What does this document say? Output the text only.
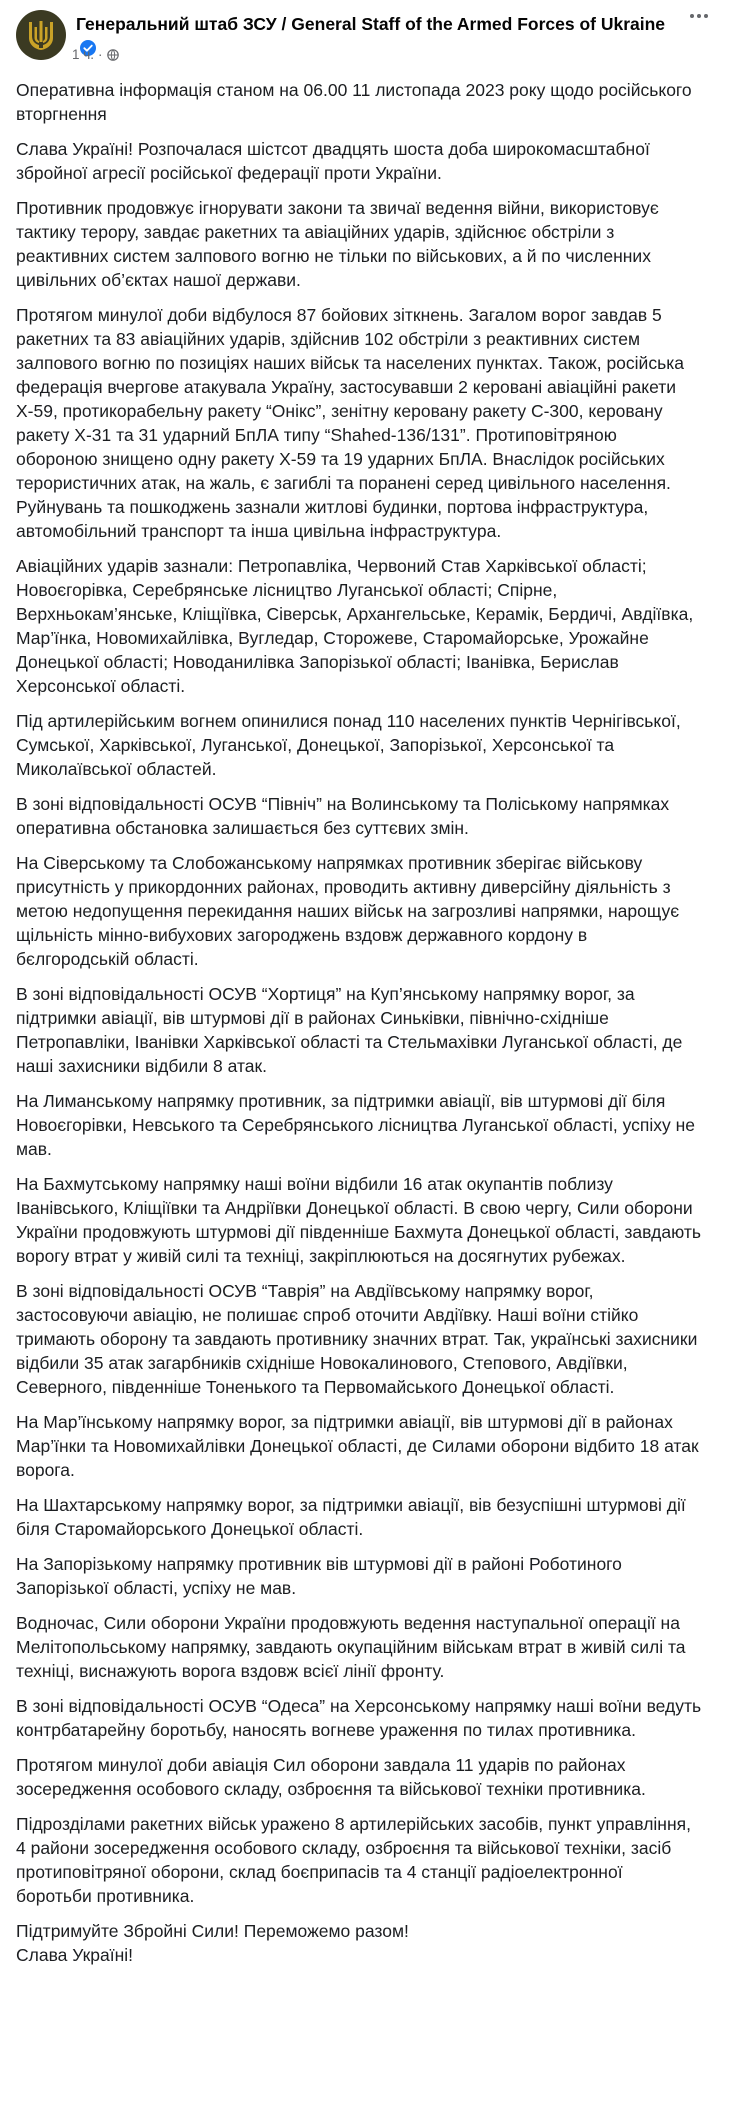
Генеральний штаб ЗСУ / General Staff of the Armed Forces of Ukraine
1 ч. ·

Оперативна інформація станом на 06.00 11 листопада 2023 року щодо російського вторгнення

Слава Україні! Розпочалася шістсот двадцять шоста доба широкомасштабної збройної агресії російської федерації проти України.

Противник продовжує ігнорувати закони та звичаї ведення війни, використовує тактику терору, завдає ракетних та авіаційних ударів, здійснює обстріли з реактивних систем залпового вогню не тільки по військових, а й по численних цивільних об’єктах нашої держави.

Протягом минулої доби відбулося 87 бойових зіткнень. Загалом ворог завдав 5 ракетних та 83 авіаційних ударів, здійснив 102 обстріли з реактивних систем залпового вогню по позиціях наших військ та населених пунктах. Також, російська федерація вчергове атакувала Україну, застосувавши 2 керовані авіаційні ракети Х-59, протикорабельну ракету “Онікс”, зенітну керовану ракету С-300, керовану ракету Х-31 та 31 ударний БпЛА типу “Shahed-136/131”. Протиповітряною обороною знищено одну ракету Х-59 та 19 ударних БпЛА. Внаслідок російських терористичних атак, на жаль, є загиблі та поранені серед цивільного населення. Руйнувань та пошкоджень зазнали житлові будинки, портова інфраструктура, автомобільний транспорт та інша цивільна інфраструктура.

Авіаційних ударів зазнали: Петропавліка, Червоний Став Харківської області; Новоєгорівка, Серебрянське лісництво Луганської області; Спірне, Верхньокам’янське, Кліщіївка, Сіверськ, Архангельське, Керамік, Бердичі, Авдіївка, Мар’їнка, Новомихайлівка, Вугледар, Сторожеве, Старомайорське, Урожайне Донецької області; Новоданилівка Запорізької області; Іванівка, Берислав Херсонської області.

Під артилерійським вогнем опинилися понад 110 населених пунктів Чернігівської, Сумської, Харківської, Луганської, Донецької, Запорізької, Херсонської та Миколаївської областей.

В зоні відповідальності ОСУВ “Північ” на Волинському та Поліському напрямках оперативна обстановка залишається без суттєвих змін.

На Сіверському та Слобожанському напрямках противник зберігає військову присутність у прикордонних районах, проводить активну диверсійну діяльність з метою недопущення перекидання наших військ на загрозливі напрямки, нарощує щільність мінно-вибухових загороджень вздовж державного кордону в бєлгородській області.

В зоні відповідальності ОСУВ “Хортиця” на Куп’янському напрямку ворог, за підтримки авіації, вів штурмові дії в районах Синьківки, північно-східніше Петропавліки, Іванівки Харківської області та Стельмахівки Луганської області, де наші захисники відбили 8 атак.

На Лиманському напрямку противник, за підтримки авіації, вів штурмові дії біля Новоєгорівки, Невського та Серебрянського лісництва Луганської області, успіху не мав.

На Бахмутському напрямку наші воїни відбили 16 атак окупантів поблизу Іванівського, Кліщіївки та Андріївки Донецької області. В свою чергу, Сили оборони України продовжують штурмові дії південніше Бахмута Донецької області, завдають ворогу втрат у живій силі та техніці, закріплюються на досягнутих рубежах.

В зоні відповідальності ОСУВ “Таврія” на Авдіївському напрямку ворог, застосовуючи авіацію, не полишає спроб оточити Авдіївку. Наші воїни стійко тримають оборону та завдають противнику значних втрат. Так, українські захисники відбили 35 атак загарбників східніше Новокалинового, Степового, Авдіївки, Северного, південніше Тоненького та Первомайського Донецької області.

На Мар’їнському напрямку ворог, за підтримки авіації, вів штурмові дії в районах Мар’їнки та Новомихайлівки Донецької області, де Силами оборони відбито 18 атак ворога.

На Шахтарському напрямку ворог, за підтримки авіації, вів безуспішні штурмові дії біля Старомайорського Донецької області.

На Запорізькому напрямку противник вів штурмові дії в районі Роботиного Запорізької області, успіху не мав.

Водночас, Сили оборони України продовжують ведення наступальної операції на Мелітопольському напрямку, завдають окупаційним військам втрат в живій силі та техніці, виснажують ворога вздовж всієї лінії фронту.

В зоні відповідальності ОСУВ “Одеса” на Херсонському напрямку наші воїни ведуть контрбатарейну боротьбу, наносять вогневе ураження по тилах противника.

Протягом минулої доби авіація Сил оборони завдала 11 ударів по районах зосередження особового складу, озброєння та військової техніки противника.

Підрозділами ракетних військ уражено 8 артилерійських засобів, пункт управління, 4 райони зосередження особового складу, озброєння та військової техніки, засіб протиповітряної оборони, склад боєприпасів та 4 станції радіоелектронної боротьби противника.

Підтримуйте Збройні Сили! Переможемо разом!

Слава Україні!
